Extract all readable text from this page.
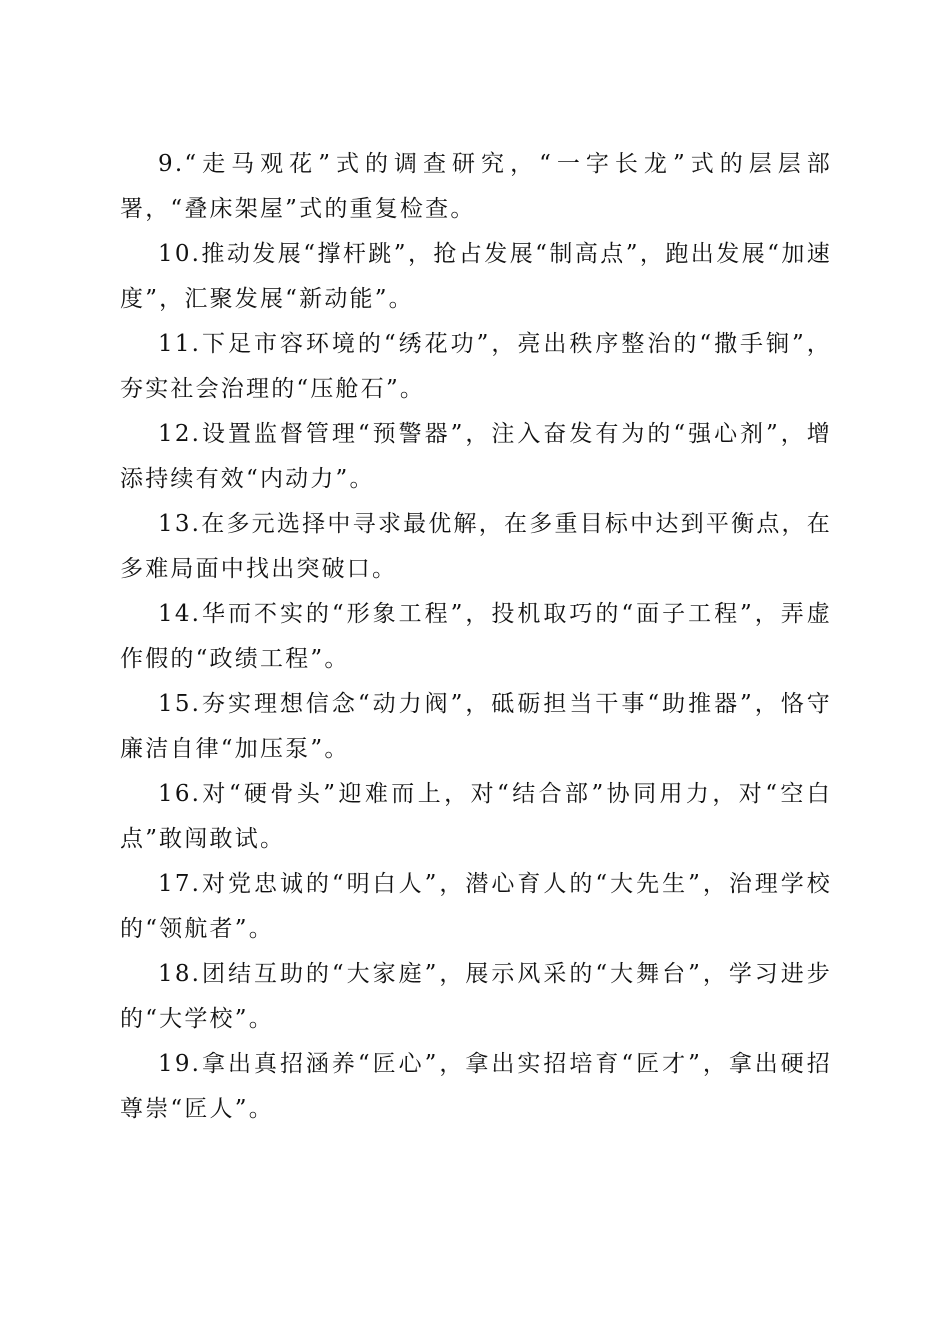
9.“走马观花”式的调查研究，“一字长龙”式的层层部署，“叠床架屋”式的重复检查。

10.推动发展“撑杆跳”，抢占发展“制高点”，跑出发展“加速度”，汇聚发展“新动能”。

11.下足市容环境的“绣花功”，亮出秩序整治的“撒手锏”，夯实社会治理的“压舱石”。

12.设置监督管理“预警器”，注入奋发有为的“强心剂”，增添持续有效“内动力”。

13.在多元选择中寻求最优解，在多重目标中达到平衡点，在多难局面中找出突破口。

14.华而不实的“形象工程”，投机取巧的“面子工程”，弄虚作假的“政绩工程”。

15.夯实理想信念“动力阀”，砥砺担当干事“助推器”，恪守廉洁自律“加压泵”。

16.对“硬骨头”迎难而上，对“结合部”协同用力，对“空白点”敢闯敢试。

17.对党忠诚的“明白人”，潜心育人的“大先生”，治理学校的“领航者”。

18.团结互助的“大家庭”，展示风采的“大舞台”，学习进步的“大学校”。

19.拿出真招涵养“匠心”，拿出实招培育“匠才”，拿出硬招尊崇“匠人”。
